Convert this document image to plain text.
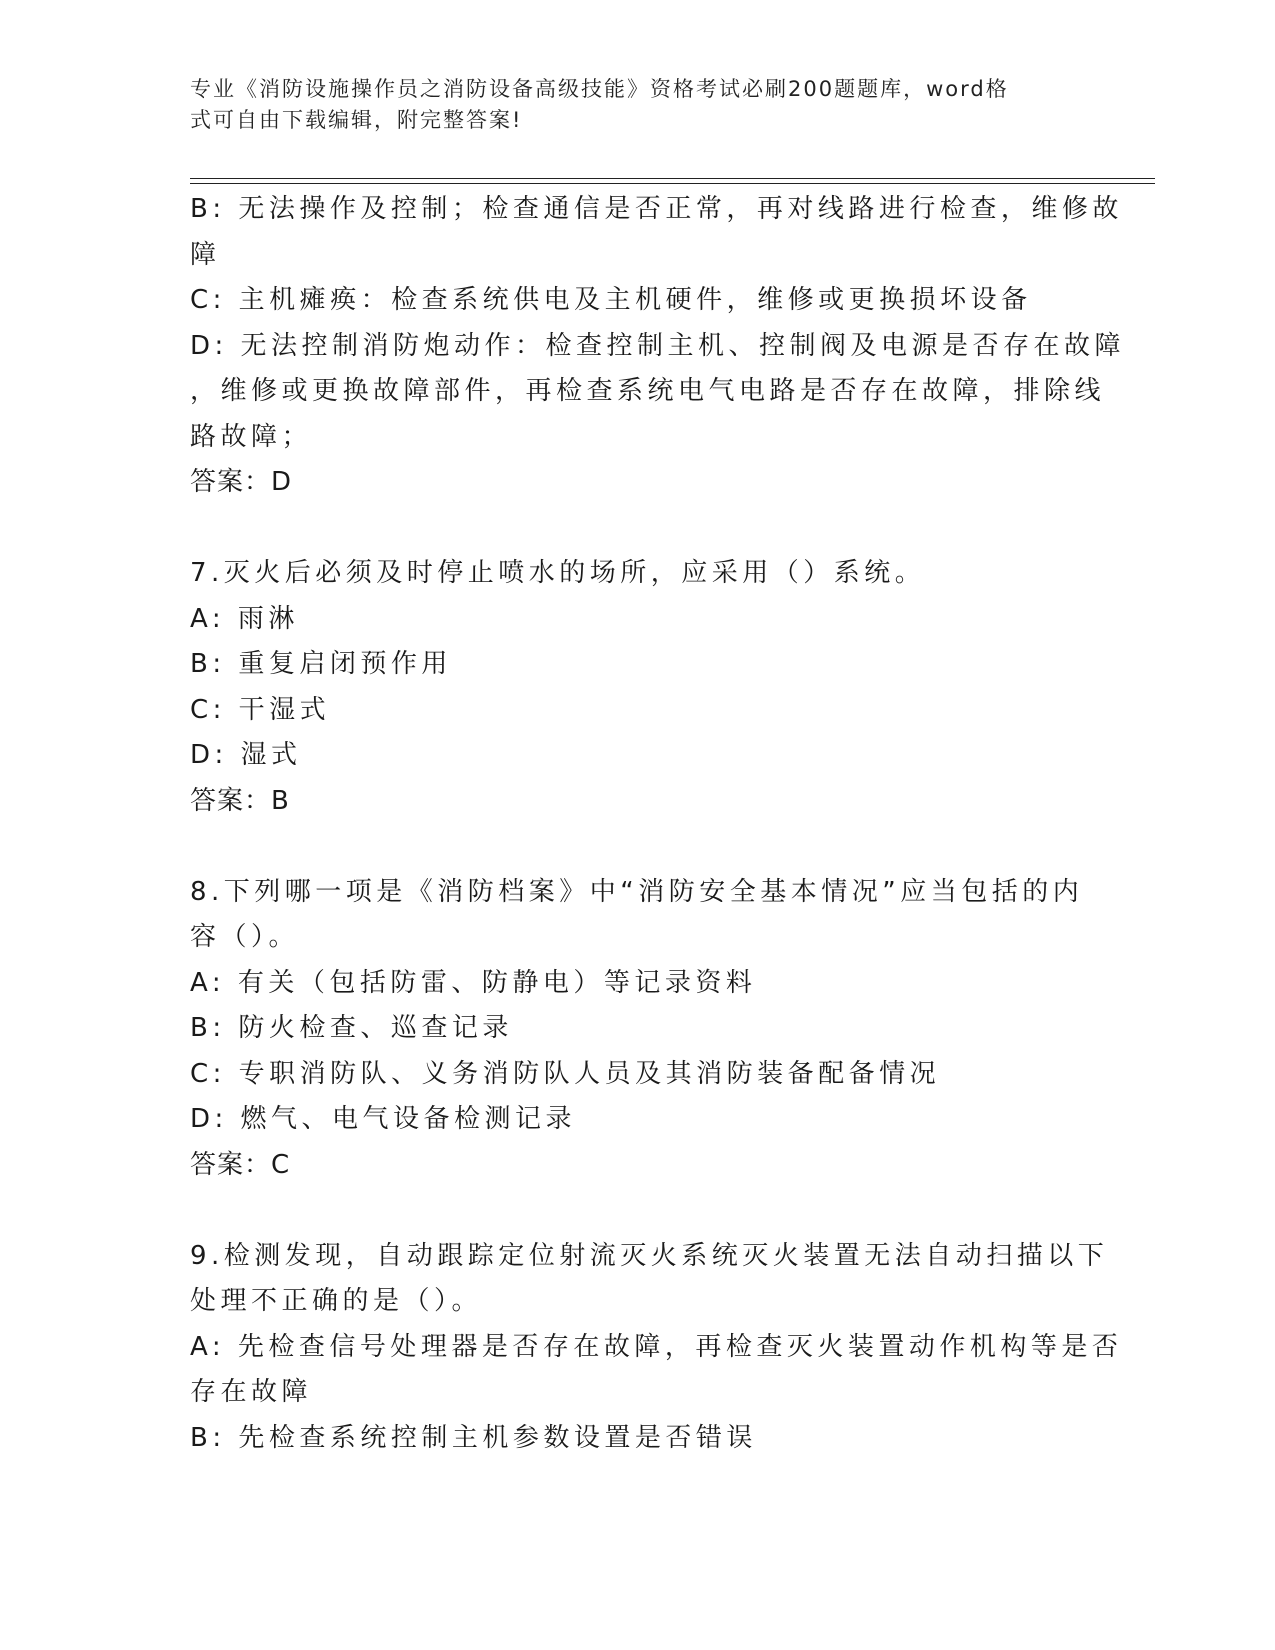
专业《消防设施操作员之消防设备高级技能》资格考试必刷200题题库，word格
式可自由下载编辑，附完整答案!
B: 无法操作及控制；检查通信是否正常，再对线路进行检查，维修故
障
C: 主机瘫痪：检查系统供电及主机硬件，维修或更换损坏设备
D: 无法控制消防炮动作：检查控制主机、控制阀及电源是否存在故障
，维修或更换故障部件，再检查系统电气电路是否存在故障，排除线
路故障；
答案：D
7.灭火后必须及时停止喷水的场所，应采用（）系统。
A: 雨淋
B: 重复启闭预作用
C: 干湿式
D: 湿式
答案：B
8.下列哪一项是《消防档案》中“消防安全基本情况”应当包括的内
容（）。
A: 有关（包括防雷、防静电）等记录资料
B: 防火检查、巡查记录
C: 专职消防队、义务消防队人员及其消防装备配备情况
D: 燃气、电气设备检测记录
答案：C
9.检测发现，自动跟踪定位射流灭火系统灭火装置无法自动扫描以下
处理不正确的是（）。
A: 先检查信号处理器是否存在故障，再检查灭火装置动作机构等是否
存在故障
B: 先检查系统控制主机参数设置是否错误
